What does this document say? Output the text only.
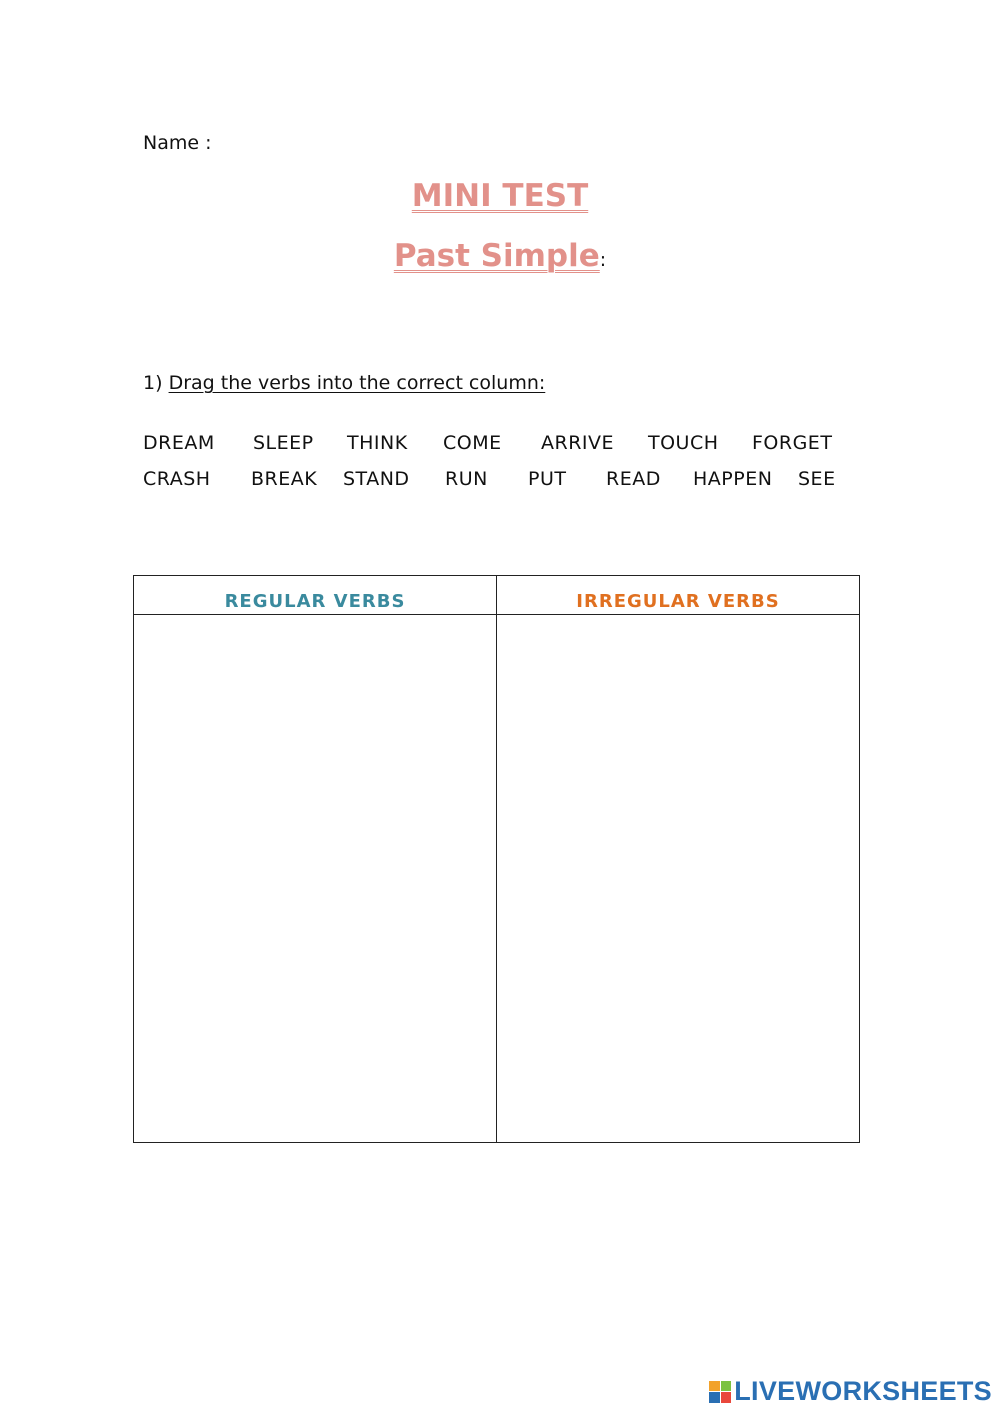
Name :
MINI TEST
Past Simple:
1) Drag the verbs into the correct column:
DREAM SLEEP THINK COME ARRIVE TOUCH FORGET
CRASH BREAK STAND RUN PUT READ HAPPEN SEE
REGULAR VERBS	IRREGULAR VERBS

LIVEWORKSHEETS
